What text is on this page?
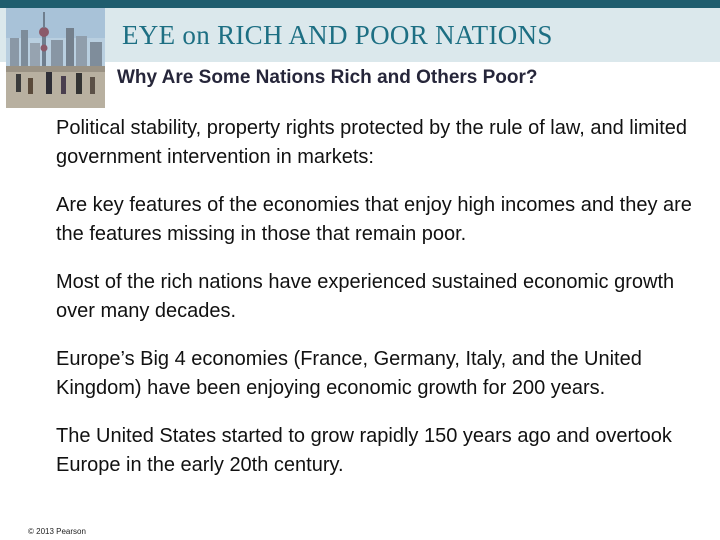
EYE on RICH AND POOR NATIONS
Why Are Some Nations Rich and Others Poor?

Political stability, property rights protected by the rule of law, and limited government intervention in markets:

Are key features of the economies that enjoy high incomes and they are the features missing in those that remain poor.

Most of the rich nations have experienced sustained economic growth over many decades.

Europe’s Big 4 economies (France, Germany, Italy, and the United Kingdom) have been enjoying economic growth for 200 years.

The United States started to grow rapidly 150 years ago and overtook Europe in the early 20th century.

© 2013 Pearson
